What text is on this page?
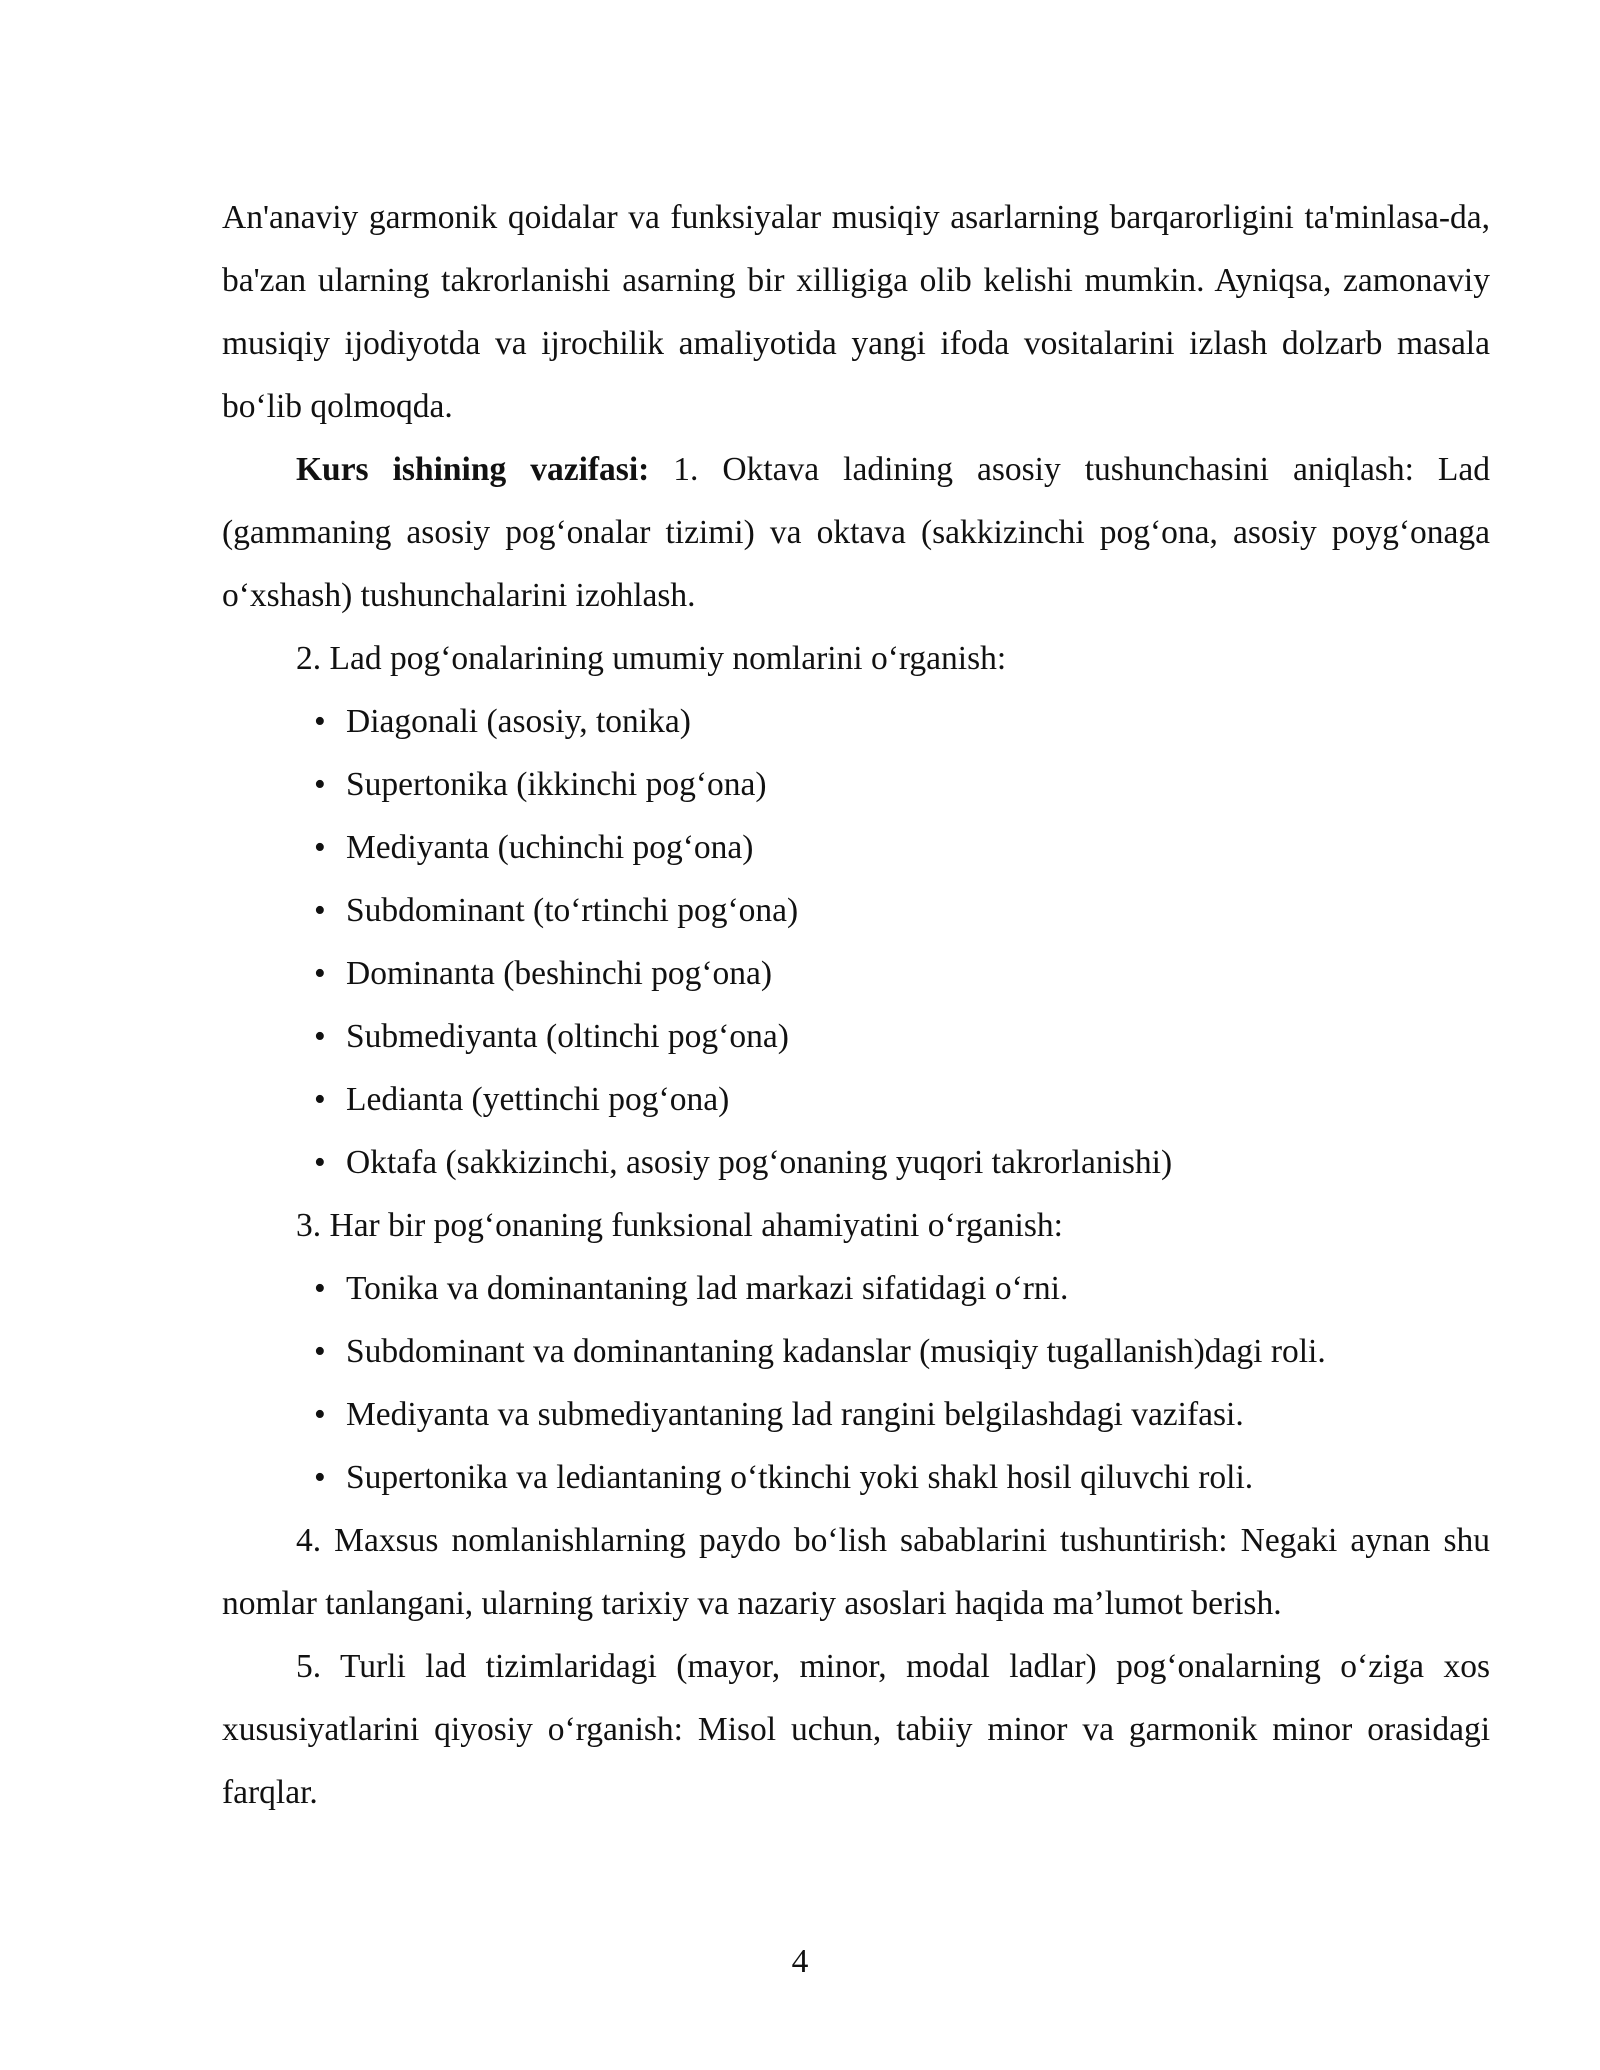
An'anaviy garmonik qoidalar va funksiyalar musiqiy asarlarning barqarorligini ta'minlasa-da, ba'zan ularning takrorlanishi asarning bir xilligiga olib kelishi mumkin. Ayniqsa, zamonaviy musiqiy ijodiyotda va ijrochilik amaliyotida yangi ifoda vositalarini izlash dolzarb masala bo‘lib qolmoqda.

Kurs ishining vazifasi: 1. Oktava ladining asosiy tushunchasini aniqlash: Lad (gammaning asosiy pog‘onalar tizimi) va oktava (sakkizinchi pog‘ona, asosiy poyg‘onaga o‘xshash) tushunchalarini izohlash.

2. Lad pog‘onalarining umumiy nomlarini o‘rganish:

• Diagonali (asosiy, tonika)
• Supertonika (ikkinchi pog‘ona)
• Mediyanta (uchinchi pog‘ona)
• Subdominant (to‘rtinchi pog‘ona)
• Dominanta (beshinchi pog‘ona)
• Submediyanta (oltinchi pog‘ona)
• Ledianta (yettinchi pog‘ona)
• Oktafa (sakkizinchi, asosiy pog‘onaning yuqori takrorlanishi)

3. Har bir pog‘onaning funksional ahamiyatini o‘rganish:

• Tonika va dominantaning lad markazi sifatidagi o‘rni.
• Subdominant va dominantaning kadanslar (musiqiy tugallanish)dagi roli.
• Mediyanta va submediyantaning lad rangini belgilashdagi vazifasi.
• Supertonika va lediantaning o‘tkinchi yoki shakl hosil qiluvchi roli.

4. Maxsus nomlanishlarning paydo bo‘lish sabablarini tushuntirish: Negaki aynan shu nomlar tanlangani, ularning tarixiy va nazariy asoslari haqida ma’lumot berish.

5. Turli lad tizimlaridagi (mayor, minor, modal ladlar) pog‘onalarning o‘ziga xos xususiyatlarini qiyosiy o‘rganish: Misol uchun, tabiiy minor va garmonik minor orasidagi farqlar.

4
